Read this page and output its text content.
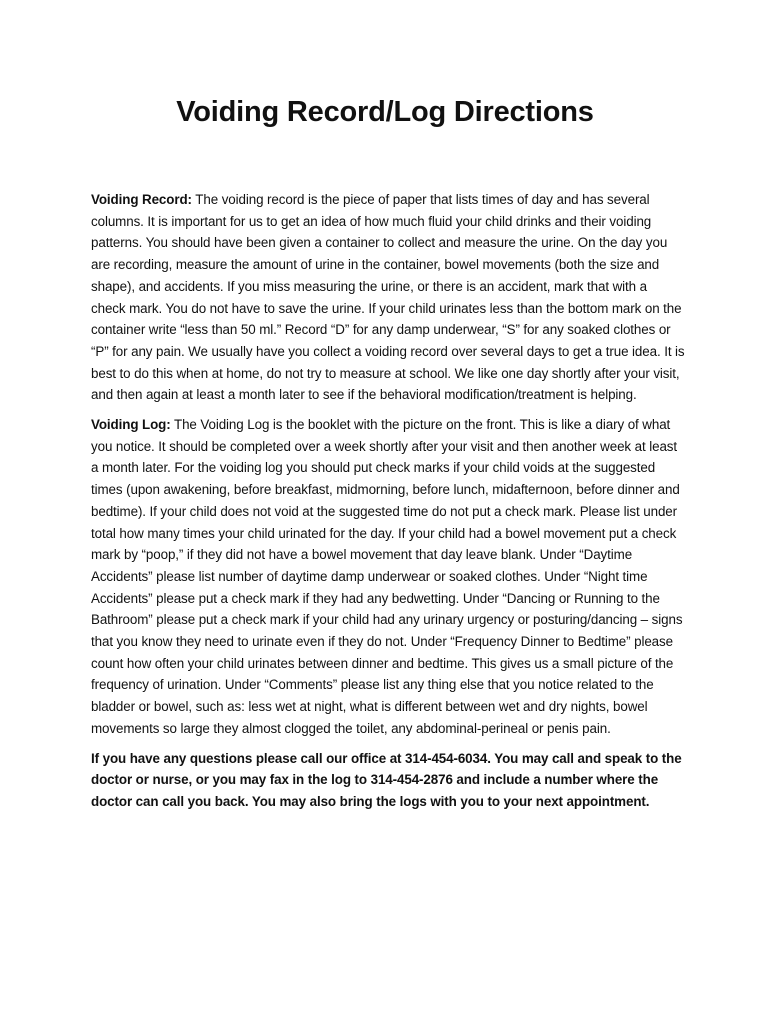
Voiding Record/Log Directions

Voiding Record: The voiding record is the piece of paper that lists times of day and has several columns. It is important for us to get an idea of how much fluid your child drinks and their voiding patterns. You should have been given a container to collect and measure the urine. On the day you are recording, measure the amount of urine in the container, bowel movements (both the size and shape), and accidents. If you miss measuring the urine, or there is an accident, mark that with a check mark. You do not have to save the urine. If your child urinates less than the bottom mark on the container write “less than 50 ml.” Record “D” for any damp underwear, “S” for any soaked clothes or “P” for any pain. We usually have you collect a voiding record over several days to get a true idea. It is best to do this when at home, do not try to measure at school. We like one day shortly after your visit, and then again at least a month later to see if the behavioral modification/treatment is helping.

Voiding Log: The Voiding Log is the booklet with the picture on the front. This is like a diary of what you notice. It should be completed over a week shortly after your visit and then another week at least a month later. For the voiding log you should put check marks if your child voids at the suggested times (upon awakening, before breakfast, midmorning, before lunch, midafternoon, before dinner and bedtime). If your child does not void at the suggested time do not put a check mark. Please list under total how many times your child urinated for the day. If your child had a bowel movement put a check mark by “poop,” if they did not have a bowel movement that day leave blank. Under “Daytime Accidents” please list number of daytime damp underwear or soaked clothes. Under “Night time Accidents” please put a check mark if they had any bedwetting. Under “Dancing or Running to the Bathroom” please put a check mark if your child had any urinary urgency or posturing/dancing – signs that you know they need to urinate even if they do not. Under “Frequency Dinner to Bedtime” please count how often your child urinates between dinner and bedtime. This gives us a small picture of the frequency of urination. Under “Comments” please list any thing else that you notice related to the bladder or bowel, such as: less wet at night, what is different between wet and dry nights, bowel movements so large they almost clogged the toilet, any abdominal-perineal or penis pain.

If you have any questions please call our office at 314-454-6034. You may call and speak to the doctor or nurse, or you may fax in the log to 314-454-2876 and include a number where the doctor can call you back. You may also bring the logs with you to your next appointment.
